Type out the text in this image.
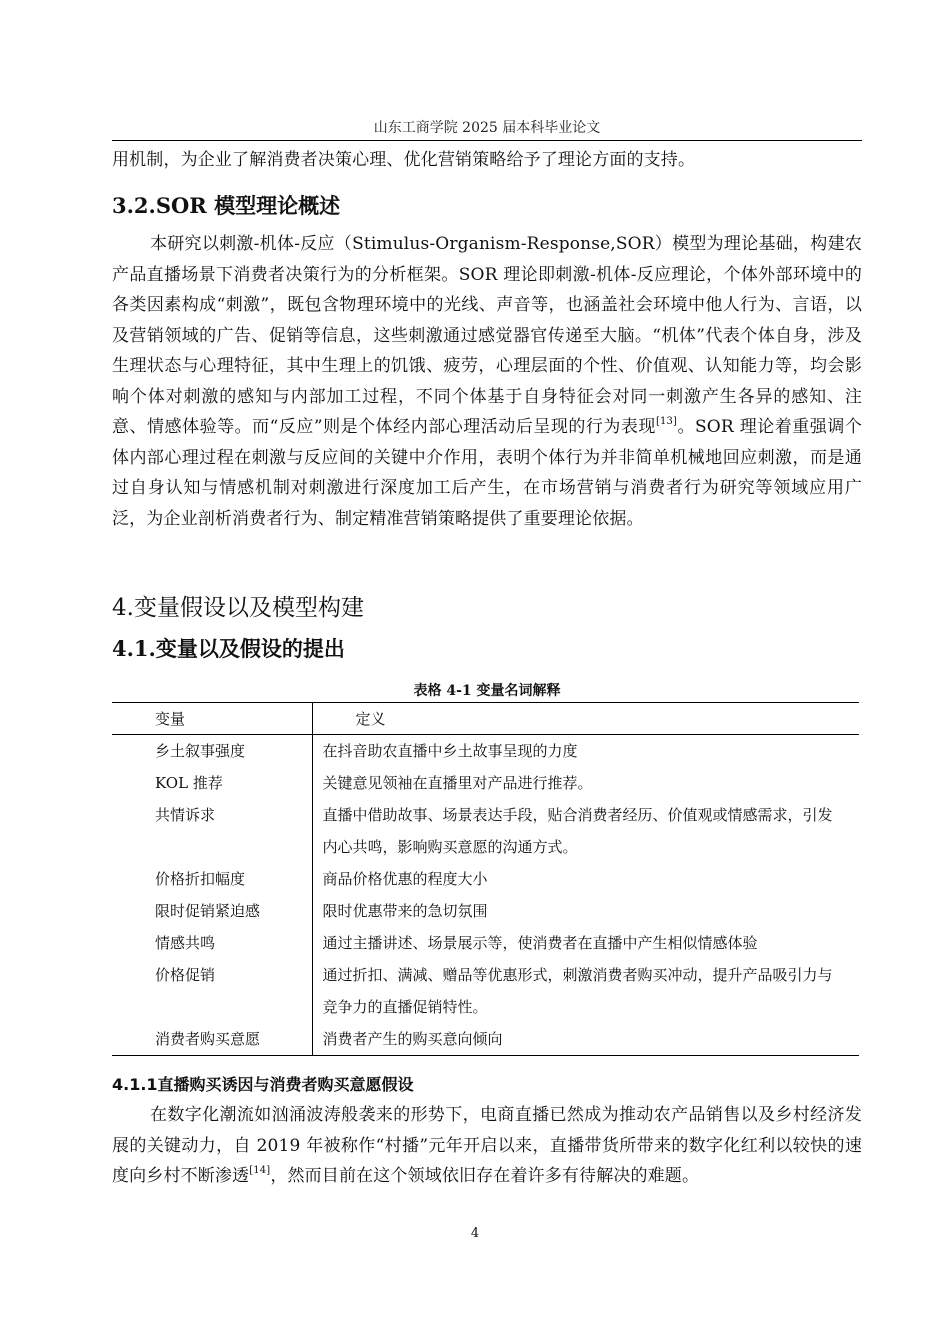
山东工商学院 2025 届本科毕业论文

用机制，为企业了解消费者决策心理、优化营销策略给予了理论方面的支持。

3.2.SOR 模型理论概述

本研究以刺激-机体-反应（Stimulus-Organism-Response,SOR）模型为理论基础，构建农产品直播场景下消费者决策行为的分析框架。SOR 理论即刺激-机体-反应理论，个体外部环境中的各类因素构成“刺激”，既包含物理环境中的光线、声音等，也涵盖社会环境中他人行为、言语，以及营销领域的广告、促销等信息，这些刺激通过感觉器官传递至大脑。“机体”代表个体自身，涉及生理状态与心理特征，其中生理上的饥饿、疲劳，心理层面的个性、价值观、认知能力等，均会影响个体对刺激的感知与内部加工过程，不同个体基于自身特征会对同一刺激产生各异的感知、注意、情感体验等。而“反应”则是个体经内部心理活动后呈现的行为表现[13]。SOR 理论着重强调个体内部心理过程在刺激与反应间的关键中介作用，表明个体行为并非简单机械地回应刺激，而是通过自身认知与情感机制对刺激进行深度加工后产生，在市场营销与消费者行为研究等领域应用广泛，为企业剖析消费者行为、制定精准营销策略提供了重要理论依据。

4.变量假设以及模型构建
4.1.变量以及假设的提出
表格 4-1 变量名词解释
变量	定义
乡土叙事强度	在抖音助农直播中乡土故事呈现的力度
KOL 推荐	关键意见领袖在直播里对产品进行推荐。
共情诉求	直播中借助故事、场景表达手段，贴合消费者经历、价值观或情感需求，引发内心共鸣，影响购买意愿的沟通方式。
价格折扣幅度	商品价格优惠的程度大小
限时促销紧迫感	限时优惠带来的急切氛围
情感共鸣	通过主播讲述、场景展示等，使消费者在直播中产生相似情感体验
价格促销	通过折扣、满减、赠品等优惠形式，刺激消费者购买冲动，提升产品吸引力与竞争力的直播促销特性。
消费者购买意愿	消费者产生的购买意向倾向
4.1.1直播购买诱因与消费者购买意愿假设

在数字化潮流如汹涌波涛般袭来的形势下，电商直播已然成为推动农产品销售以及乡村经济发展的关键动力，自 2019 年被称作“村播”元年开启以来，直播带货所带来的数字化红利以较快的速度向乡村不断渗透[14]，然而目前在这个领域依旧存在着许多有待解决的难题。

4
